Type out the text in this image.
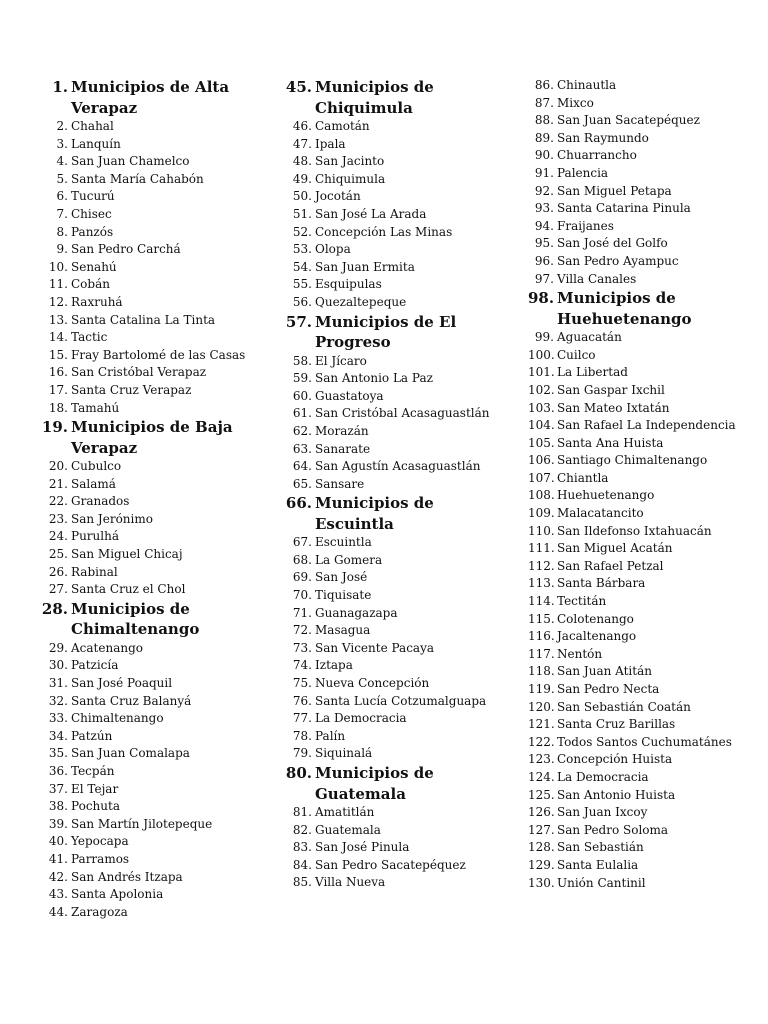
1. Municipios de Alta Verapaz
2. Chahal
3. Lanquín
4. San Juan Chamelco
5. Santa María Cahabón
6. Tucurú
7. Chisec
8. Panzós
9. San Pedro Carchá
10. Senahú
11. Cobán
12. Raxruhá
13. Santa Catalina La Tinta
14. Tactic
15. Fray Bartolomé de las Casas
16. San Cristóbal Verapaz
17. Santa Cruz Verapaz
18. Tamahú
19. Municipios de Baja Verapaz
20. Cubulco
21. Salamá
22. Granados
23. San Jerónimo
24. Purulhá
25. San Miguel Chicaj
26. Rabinal
27. Santa Cruz el Chol
28. Municipios de Chimaltenango
29. Acatenango
30. Patzicía
31. San José Poaquil
32. Santa Cruz Balanyá
33. Chimaltenango
34. Patzún
35. San Juan Comalapa
36. Tecpán
37. El Tejar
38. Pochuta
39. San Martín Jilotepeque
40. Yepocapa
41. Parramos
42. San Andrés Itzapa
43. Santa Apolonia
44. Zaragoza
45. Municipios de Chiquimula
46. Camotán
47. Ipala
48. San Jacinto
49. Chiquimula
50. Jocotán
51. San José La Arada
52. Concepción Las Minas
53. Olopa
54. San Juan Ermita
55. Esquipulas
56. Quezaltepeque
57. Municipios de El Progreso
58. El Jícaro
59. San Antonio La Paz
60. Guastatoya
61. San Cristóbal Acasaguastlán
62. Morazán
63. Sanarate
64. San Agustín Acasaguastlán
65. Sansare
66. Municipios de Escuintla
67. Escuintla
68. La Gomera
69. San José
70. Tiquisate
71. Guanagazapa
72. Masagua
73. San Vicente Pacaya
74. Iztapa
75. Nueva Concepción
76. Santa Lucía Cotzumalguapa
77. La Democracia
78. Palín
79. Siquinalá
80. Municipios de Guatemala
81. Amatitlán
82. Guatemala
83. San José Pinula
84. San Pedro Sacatepéquez
85. Villa Nueva
86. Chinautla
87. Mixco
88. San Juan Sacatepéquez
89. San Raymundo
90. Chuarrancho
91. Palencia
92. San Miguel Petapa
93. Santa Catarina Pinula
94. Fraijanes
95. San José del Golfo
96. San Pedro Ayampuc
97. Villa Canales
98. Municipios de Huehuetenango
99. Aguacatán
100. Cuilco
101. La Libertad
102. San Gaspar Ixchil
103. San Mateo Ixtatán
104. San Rafael La Independencia
105. Santa Ana Huista
106. Santiago Chimaltenango
107. Chiantla
108. Huehuetenango
109. Malacatancito
110. San Ildefonso Ixtahuacán
111. San Miguel Acatán
112. San Rafael Petzal
113. Santa Bárbara
114. Tectitán
115. Colotenango
116. Jacaltenango
117. Nentón
118. San Juan Atitán
119. San Pedro Necta
120. San Sebastián Coatán
121. Santa Cruz Barillas
122. Todos Santos Cuchumatánes
123. Concepción Huista
124. La Democracia
125. San Antonio Huista
126. San Juan Ixcoy
127. San Pedro Soloma
128. San Sebastián
129. Santa Eulalia
130. Unión Cantinil
